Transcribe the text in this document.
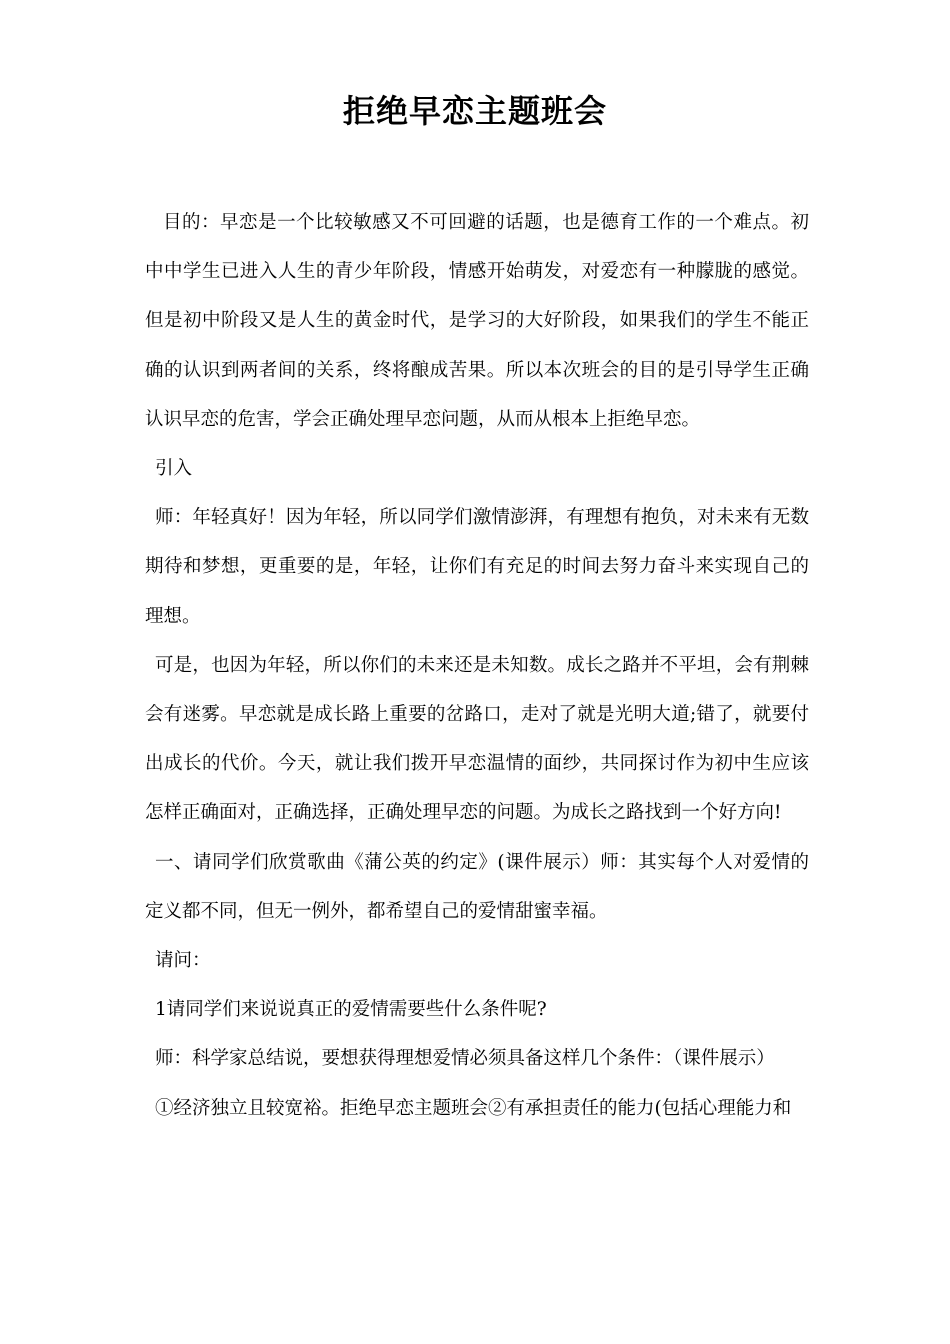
拒绝早恋主题班会

目的：早恋是一个比较敏感又不可回避的话题，也是德育工作的一个难点。初中中学生已进入人生的青少年阶段，情感开始萌发，对爱恋有一种朦胧的感觉。但是初中阶段又是人生的黄金时代，是学习的大好阶段，如果我们的学生不能正确的认识到两者间的关系，终将酿成苦果。所以本次班会的目的是引导学生正确认识早恋的危害，学会正确处理早恋问题，从而从根本上拒绝早恋。

引入

师：年轻真好！因为年轻，所以同学们激情澎湃，有理想有抱负，对未来有无数期待和梦想，更重要的是，年轻，让你们有充足的时间去努力奋斗来实现自己的理想。

可是，也因为年轻，所以你们的未来还是未知数。成长之路并不平坦，会有荆棘会有迷雾。早恋就是成长路上重要的岔路口，走对了就是光明大道;错了，就要付出成长的代价。今天，就让我们拨开早恋温情的面纱，共同探讨作为初中生应该怎样正确面对，正确选择，正确处理早恋的问题。为成长之路找到一个好方向!

一、请同学们欣赏歌曲《蒲公英的约定》(课件展示）师：其实每个人对爱情的定义都不同，但无一例外，都希望自己的爱情甜蜜幸福。

请问：

1请同学们来说说真正的爱情需要些什么条件呢?

师：科学家总结说，要想获得理想爱情必须具备这样几个条件：（课件展示）

①经济独立且较宽裕。拒绝早恋主题班会②有承担责任的能力(包括心理能力和
